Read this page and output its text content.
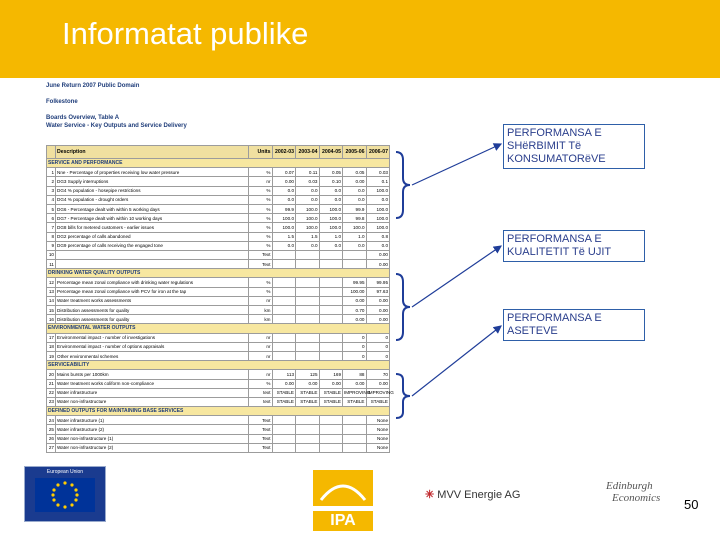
Informatat publike
June Return 2007 Public Domain
Folkestone
Boards Overview, Table A
Water Service - Key Outputs and Service Delivery
	Description	Units	2002-03	2003-04	2004-05	2005-06	2006-07
SERVICE AND PERFORMANCE							
1	Nne - Percentage of properties receiving low water pressure	%	0.07	0.11	0.05	0.05	0.03
2	DG3 Supply interruptions	nr	0.00	0.03	0.10	0.00	0.1
3	DG4 % population - hosepipe restrictions	%	0.0	0.0	0.0	0.0	100.0
4	DG4 % population - drought orders	%	0.0	0.0	0.0	0.0	0.0
5	DG6 - Percentage dealt with within 5 working days	%	99.9	100.0	100.0	99.9	100.0
6	DG7 - Percentage dealt with within 10 working days	%	100.0	100.0	100.0	99.8	100.0
7	DG8 bills for metered customers - earlier issues	%	100.0	100.0	100.0	100.0	100.0
8	DG2 percentage of calls abandoned	%	1.5	1.5	1.0	1.0	0.8
9	DG9 percentage of calls receiving the engaged tone	%	0.0	0.0	0.0	0.0	0.0
10		Text					0.00
11		Text					0.00
DRINKING WATER QUALITY OUTPUTS							
12	Percentage mean zonal compliance with drinking water regulations	%				99.95	99.95
13	Percentage mean zonal compliance with PCV for iron at the tap	%				100.00	97.63
14	Water treatment works assessments	nr				0.00	0.00
15	Distribution assessments for quality	km				0.70	0.00
16	Distribution assessments for quality	km				0.00	0.00
ENVIRONMENTAL WATER OUTPUTS							
17	Environmental impact - number of investigations	nr				0	0
18	Environmental impact - number of options appraisals	nr				0	0
19	Other environmental schemes	nr				0	0
SERVICEABILITY							
20	Mains bursts per 1000km	nr	113	125	169	88	70
21	Water treatment works coliform non-compliance	%	0.00	0.00	0.00	0.00	0.00
22	Water infrastructure	text	STABLE	STABLE	STABLE	IMPROVING	IMPROVING
23	Water non-infrastructure	text	STABLE	STABLE	STABLE	STABLE	STABLE
DEFINED OUTPUTS FOR MAINTAINING BASE SERVICES							
24	Water infrastructure (1)	Text					None
25	Water infrastructure (2)	Text					None
26	Water non-infrastructure (1)	Text					None
27	Water non-infrastructure (2)	Text					None
PERFORMANSA E SHëRBIMIT Të KONSUMATORëVE
PERFORMANSA E KUALITETIT Të UJIT
PERFORMANSA E ASETEVE
European Union
IPA
✳ MVV Energie AG
Edinburgh
Economics	50
